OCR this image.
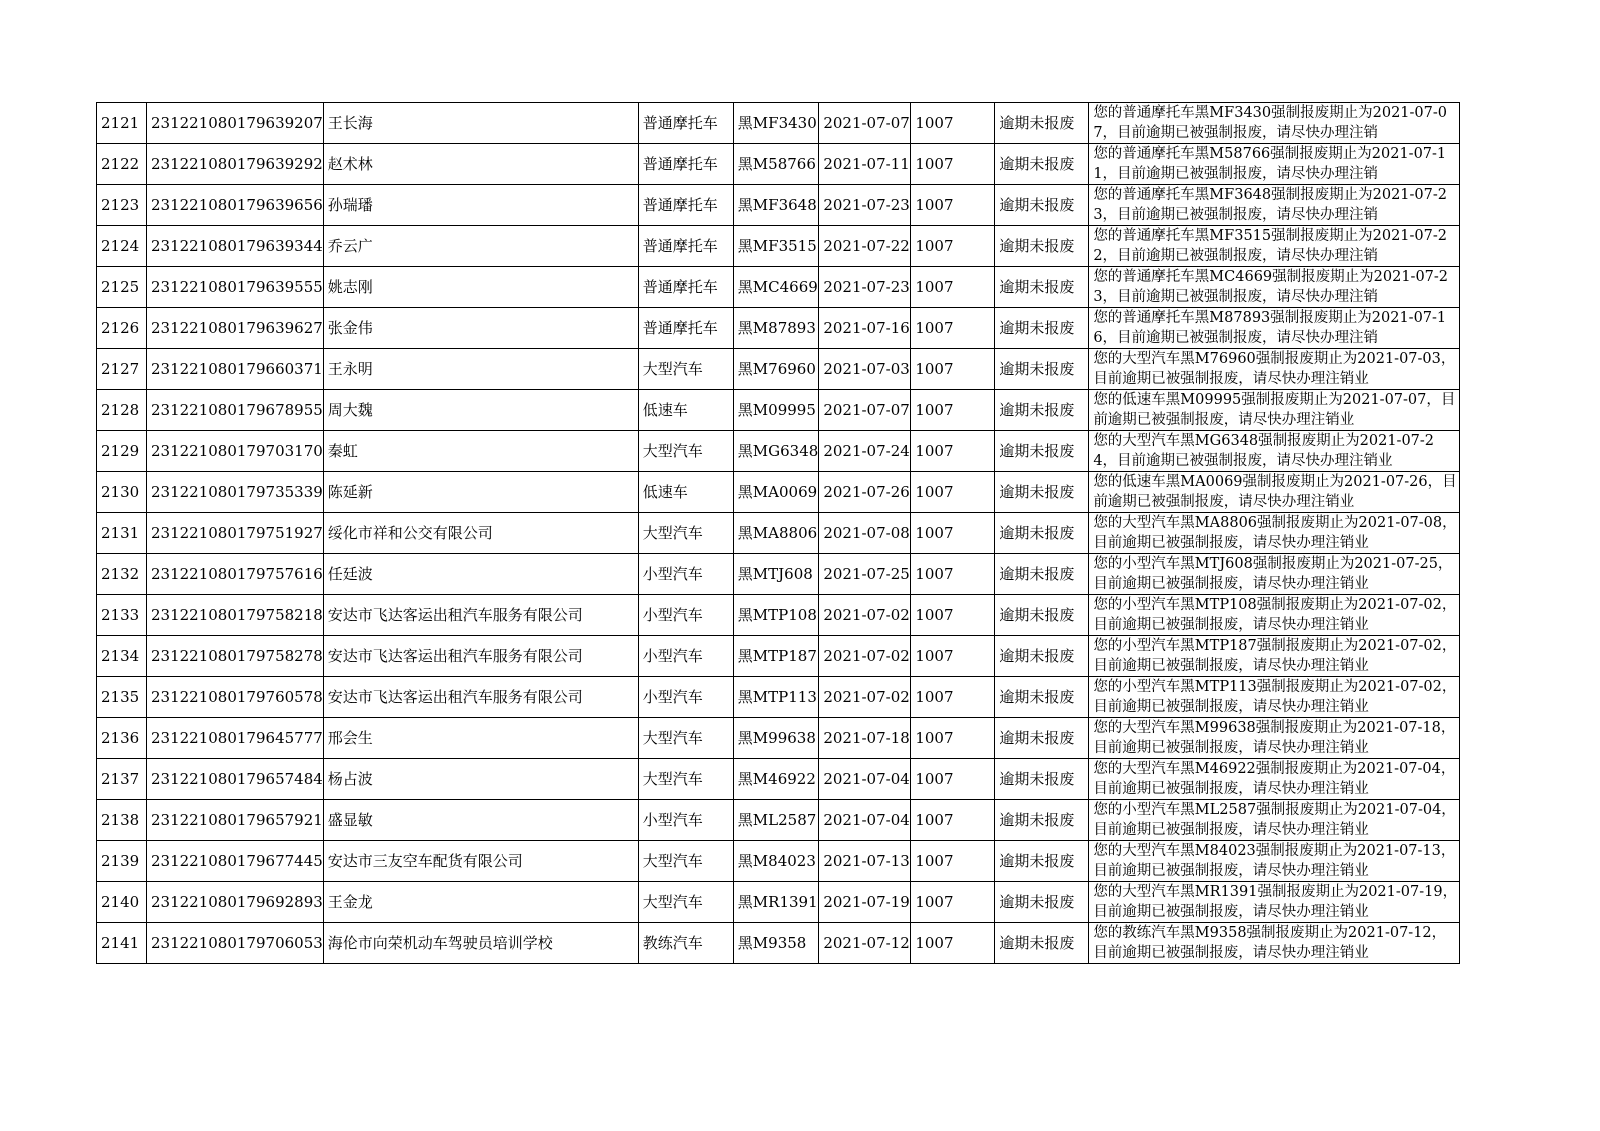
2121	231221080179639207	王长海	普通摩托车	黑MF3430	2021-07-07	1007	逾期未报废	您的普通摩托车黑MF3430强制报废期止为2021-07-07，目前逾期已被强制报废，请尽快办理注销
2122	231221080179639292	赵术林	普通摩托车	黑M58766	2021-07-11	1007	逾期未报废	您的普通摩托车黑M58766强制报废期止为2021-07-11，目前逾期已被强制报废，请尽快办理注销
2123	231221080179639656	孙瑞璠	普通摩托车	黑MF3648	2021-07-23	1007	逾期未报废	您的普通摩托车黑MF3648强制报废期止为2021-07-23，目前逾期已被强制报废，请尽快办理注销
2124	231221080179639344	乔云广	普通摩托车	黑MF3515	2021-07-22	1007	逾期未报废	您的普通摩托车黑MF3515强制报废期止为2021-07-22，目前逾期已被强制报废，请尽快办理注销
2125	231221080179639555	姚志刚	普通摩托车	黑MC4669	2021-07-23	1007	逾期未报废	您的普通摩托车黑MC4669强制报废期止为2021-07-23，目前逾期已被强制报废，请尽快办理注销
2126	231221080179639627	张金伟	普通摩托车	黑M87893	2021-07-16	1007	逾期未报废	您的普通摩托车黑M87893强制报废期止为2021-07-16，目前逾期已被强制报废，请尽快办理注销
2127	231221080179660371	王永明	大型汽车	黑M76960	2021-07-03	1007	逾期未报废	您的大型汽车黑M76960强制报废期止为2021-07-03，目前逾期已被强制报废，请尽快办理注销业
2128	231221080179678955	周大魏	低速车	黑M09995	2021-07-07	1007	逾期未报废	您的低速车黑M09995强制报废期止为2021-07-07，目前逾期已被强制报废，请尽快办理注销业
2129	231221080179703170	秦虹	大型汽车	黑MG6348	2021-07-24	1007	逾期未报废	您的大型汽车黑MG6348强制报废期止为2021-07-24，目前逾期已被强制报废，请尽快办理注销业
2130	231221080179735339	陈延新	低速车	黑MA0069	2021-07-26	1007	逾期未报废	您的低速车黑MA0069强制报废期止为2021-07-26，目前逾期已被强制报废，请尽快办理注销业
2131	231221080179751927	绥化市祥和公交有限公司	大型汽车	黑MA8806	2021-07-08	1007	逾期未报废	您的大型汽车黑MA8806强制报废期止为2021-07-08，目前逾期已被强制报废，请尽快办理注销业
2132	231221080179757616	任廷波	小型汽车	黑MTJ608	2021-07-25	1007	逾期未报废	您的小型汽车黑MTJ608强制报废期止为2021-07-25，目前逾期已被强制报废，请尽快办理注销业
2133	231221080179758218	安达市飞达客运出租汽车服务有限公司	小型汽车	黑MTP108	2021-07-02	1007	逾期未报废	您的小型汽车黑MTP108强制报废期止为2021-07-02，目前逾期已被强制报废，请尽快办理注销业
2134	231221080179758278	安达市飞达客运出租汽车服务有限公司	小型汽车	黑MTP187	2021-07-02	1007	逾期未报废	您的小型汽车黑MTP187强制报废期止为2021-07-02，目前逾期已被强制报废，请尽快办理注销业
2135	231221080179760578	安达市飞达客运出租汽车服务有限公司	小型汽车	黑MTP113	2021-07-02	1007	逾期未报废	您的小型汽车黑MTP113强制报废期止为2021-07-02，目前逾期已被强制报废，请尽快办理注销业
2136	231221080179645777	邢会生	大型汽车	黑M99638	2021-07-18	1007	逾期未报废	您的大型汽车黑M99638强制报废期止为2021-07-18，目前逾期已被强制报废，请尽快办理注销业
2137	231221080179657484	杨占波	大型汽车	黑M46922	2021-07-04	1007	逾期未报废	您的大型汽车黑M46922强制报废期止为2021-07-04，目前逾期已被强制报废，请尽快办理注销业
2138	231221080179657921	盛显敏	小型汽车	黑ML2587	2021-07-04	1007	逾期未报废	您的小型汽车黑ML2587强制报废期止为2021-07-04，目前逾期已被强制报废，请尽快办理注销业
2139	231221080179677445	安达市三友空车配货有限公司	大型汽车	黑M84023	2021-07-13	1007	逾期未报废	您的大型汽车黑M84023强制报废期止为2021-07-13，目前逾期已被强制报废，请尽快办理注销业
2140	231221080179692893	王金龙	大型汽车	黑MR1391	2021-07-19	1007	逾期未报废	您的大型汽车黑MR1391强制报废期止为2021-07-19，目前逾期已被强制报废，请尽快办理注销业
2141	231221080179706053	海伦市向荣机动车驾驶员培训学校	教练汽车	黑M9358	2021-07-12	1007	逾期未报废	您的教练汽车黑M9358强制报废期止为2021-07-12，目前逾期已被强制报废，请尽快办理注销业
